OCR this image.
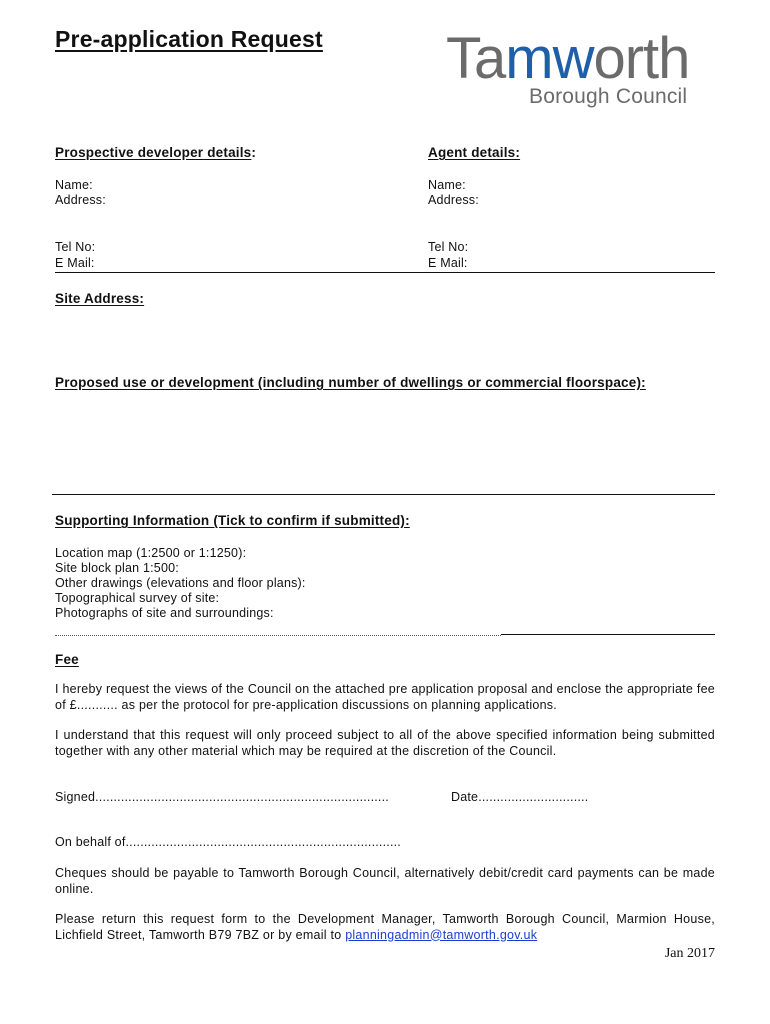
Pre-application Request Tamworth
Borough Council
Prospective developer details:
Name:
Address:
Tel No:
E Mail:
Agent details:
Name:
Address:
Tel No:
E Mail:
Site Address:
Proposed use or development (including number of dwellings or commercial floorspace):
Supporting Information (Tick to confirm if submitted):
Location map (1:2500 or 1:1250):
Site block plan 1:500:
Other drawings (elevations and floor plans):
Topographical survey of site:
Photographs of site and surroundings:
Fee
I hereby request the views of the Council on the attached pre application proposal and enclose the appropriate fee of £........... as per the protocol for pre-application discussions on planning applications.
I understand that this request will only proceed subject to all of the above specified information being submitted together with any other material which may be required at the discretion of the Council.
Signed................................................................................	Date..............................
On behalf of...........................................................................
Cheques should be payable to Tamworth Borough Council, alternatively debit/credit card payments can be made online.
Please return this request form to the Development Manager, Tamworth Borough Council, Marmion House, Lichfield Street, Tamworth B79 7BZ or by email to planningadmin@tamworth.gov.uk
Jan 2017
